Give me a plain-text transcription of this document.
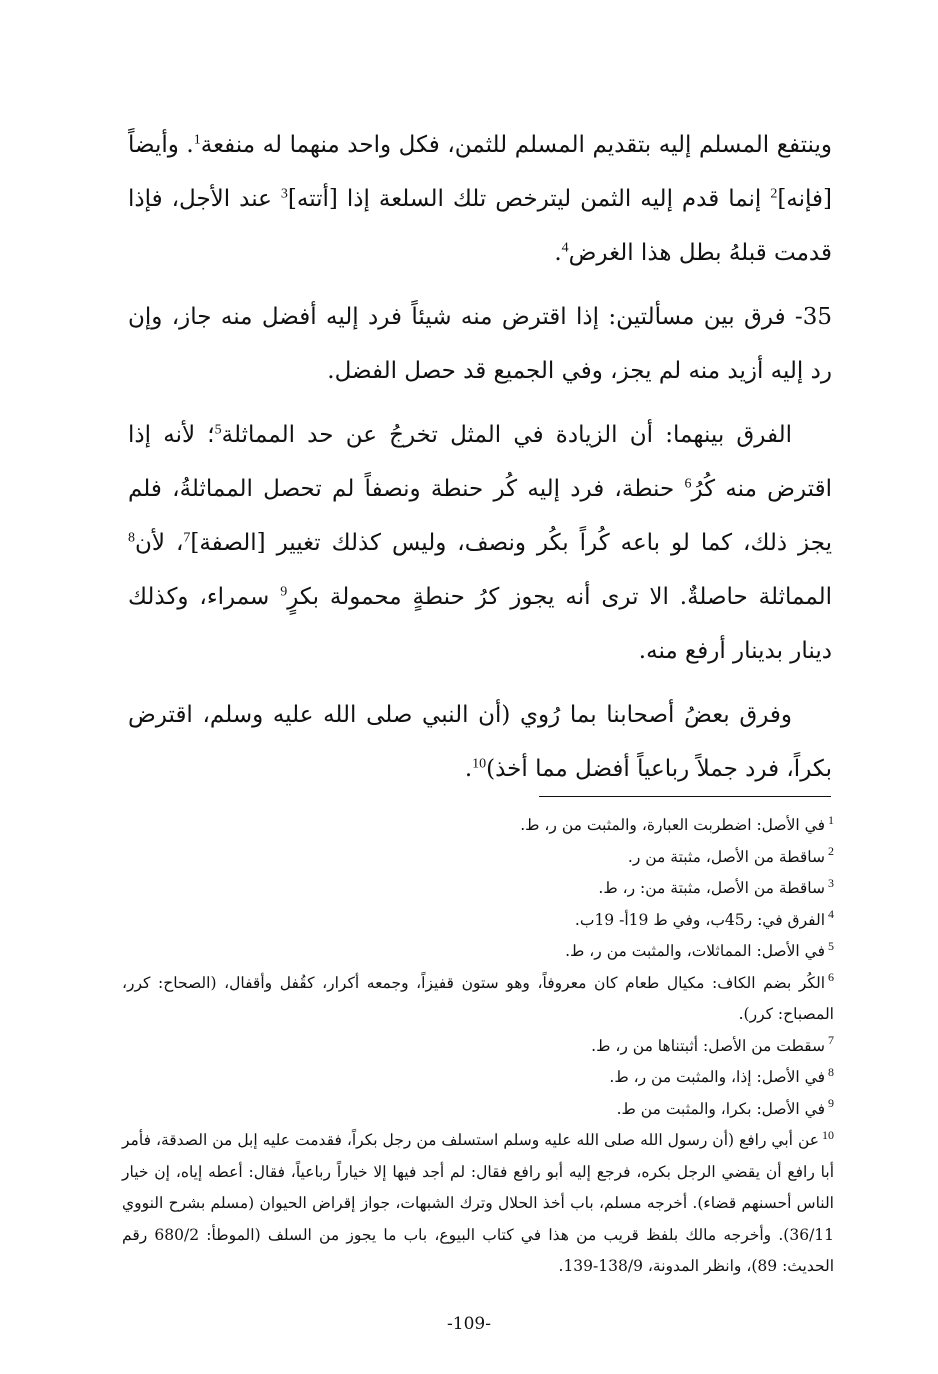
وينتفع المسلم إليه بتقديم المسلم للثمن، فكل واحد منهما له منفعة$^1$. وأيضاً [فإنه]$^2$ إنما قدم إليه الثمن ليترخص تلك السلعة إذا [أتته]$^3$ عند الأجل، فإذا قدمت قبلهُ بطل هذا الغرض$^4$.

35- فرق بين مسألتين: إذا اقترض منه شيئاً فرد إليه أفضل منه جاز، وإن رد إليه أزيد منه لم يجز، وفي الجميع قد حصل الفضل.

الفرق بينهما: أن الزيادة في المثل تخرجُ عن حد المماثلة$^5$؛ لأنه إذا اقترض منه كُرُ$^6$ حنطة، فرد إليه كُر حنطة ونصفاً لم تحصل المماثلةُ، فلم يجز ذلك، كما لو باعه كُراً بكُر ونصف، وليس كذلك تغيير [الصفة]$^7$، لأن$^8$ المماثلة حاصلةٌ. الا ترى أنه يجوز كرُ حنطةٍ محمولة بكرٍ$^9$ سمراء، وكذلك دينار بدينار أرفع منه.

وفرق بعضُ أصحابنا بما رُوي (أن النبي صلى الله عليه وسلم، اقترض بكراً، فرد جملاً رباعياً أفضل مما أخذ)$^{10}$.

$^1$في الأصل: اضطربت العبارة، والمثبت من ر، ط.

$^2$ساقطة من الأصل، مثبتة من ر.

$^3$ساقطة من الأصل، مثبتة من: ر، ط.

$^4$الفرق في: ر45ب، وفي ط 19أ- 19ب.

$^5$في الأصل: المماثلات، والمثبت من ر، ط.

$^6$الكُر بضم الكاف: مكيال طعام كان معروفاً، وهو ستون قفيزاً، وجمعه أكرار، كقُفل وأقفال، (الصحاح: كرر، المصباح: كرر).

$^7$سقطت من الأصل: أثبتناها من ر، ط.

$^8$في الأصل: إذا، والمثبت من ر، ط.

$^9$في الأصل: بكرا، والمثبت من ط.

$^{10}$عن أبي رافع (أن رسول الله صلى الله عليه وسلم استسلف من رجل بكراً، فقدمت عليه إبل من الصدقة، فأمر أبا رافع أن يقضي الرجل بكره، فرجع إليه أبو رافع فقال: لم أجد فيها إلا خياراً رباعياً، فقال: أعطه إياه، إن خيار الناس أحسنهم قضاء). أخرجه مسلم، باب أخذ الحلال وترك الشبهات، جواز إقراض الحيوان (مسلم بشرح النووي 36/11). وأخرجه مالك بلفظ قريب من هذا في كتاب البيوع، باب ما يجوز من السلف (الموطأ: 680/2 رقم الحديث: 89)، وانظر المدونة، 138/9-139.

-109-
